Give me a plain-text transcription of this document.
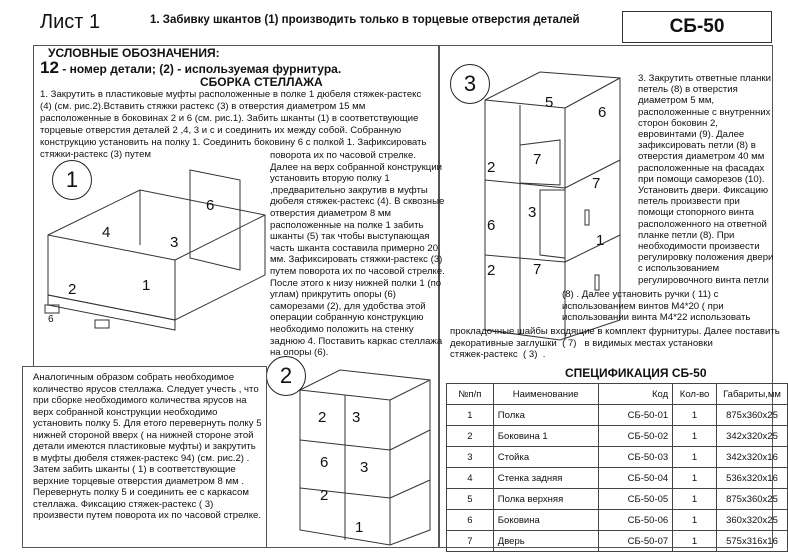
Лист 1	1. Забивку шкантов (1) производить только в торцевые отверстия деталей	СБ-50
1
4
3
6
2	1
6
2
2 3
6 3
2
1
3
5
6
2	7
7
6
3
1
2	7
УСЛОВНЫЕ ОБОЗНАЧЕНИЯ:
12 - номер детали; (2) - используемая фурнитура.
СБОРКА СТЕЛЛАЖА
1. Закрутить в пластиковые муфты расположенные в полке 1 дюбеля стяжек-растекс (4) (см. рис.2).Вставить стяжки растекс (3) в отверстия диаметром 15 мм расположенные в боковинах 2 и 6 (см. рис.1). Забить шканты (1) в соответствующие торцевые отверстия деталей 2 ,4, 3 и с и соединить их между собой. Собранную конструкцию установить на полку 1. Соединить боковину 6 с полкой 1. Зафиксировать стяжки-растекс (3) путем	поворота их по часовой стрелке. Далее на верх собранной конструкции установить вторую полку 1 ,предварительно закрутив в муфты дюбеля стяжек-растекс (4). В сквозные отверстия диаметром 8 мм расположенные на полке 1 забить шканты (5) так чтобы выступающая часть шканта составила примерно 20 мм. Зафиксировать стяжки-растекс (3) путем поворота их по часовой стрелке. После этого к низу нижней полки 1 (по углам) прикрутить опоры (6) саморезами (2), для удобства этой операции собранную конструкцию необходимо положить на стенку заднюю 4. Поставить каркас стеллажа на опоры (6).
Аналогичным образом собрать необходимое количество ярусов стеллажа. Следует учесть , что при сборке необходимого количества ярусов на верх собранной конструкции необходимо установить полку 5. Для етого перевернуть полку 5 нижней стороной вверх ( на нижней стороне этой детали имеются пластиковые муфты) и закрутить в муфты дюбеля стяжек-растекс 94) (см. рис.2) . Затем забить шканты ( 1) в соответствующие верхние торцевые отверстия диаметром 8 мм . Перевернуть полку 5 и соединить ее с каркасом стеллажа. Фиксацию стяжек-растекс ( 3) произвести путем поворота их по часовой стрелке.
3. Закрутить ответные планки
петель (8) в отверстия
диаметром 5 мм,
расположенные с внутренних
сторон боковин 2,
евровинтами (9). Далее
зафиксировать петли (8) в
отверстия диаметром 40 мм
расположенные на фасадах
при помощи саморезов (10).
Установить двери. Фиксацию
петель произвести при
помощи стопорного винта
расположенного на ответной
планке петли (8). При
необходимости произвести
регулировку положения двери
с использованием
регулировочного винта петли
(8) . Далее установить ручки ( 11) с использованием винтов М4*20 ( при использовании винта М4*22 использовать
прокладочные шайбы входящие в комплект фурнитуры. Далее поставить
декоративные заглушки  ( 7)   в видимых местах установки
стяжек-растекс  ( 3)  .
СПЕЦИФИКАЦИЯ СБ-50
№п/п	Наименование	Код	Кол-во	Габариты,мм
1	Полка	СБ-50-01	1	875x360x25
2	Боковина 1	СБ-50-02	1	342x320x25
3	Стойка	СБ-50-03	1	342x320x16
4	Стенка задняя	СБ-50-04	1	536x320x16
5	Полка верхняя	СБ-50-05	1	875x360x25
6	Боковина	СБ-50-06	1	360x320x25
7	Дверь	СБ-50-07	1	575x316x16
